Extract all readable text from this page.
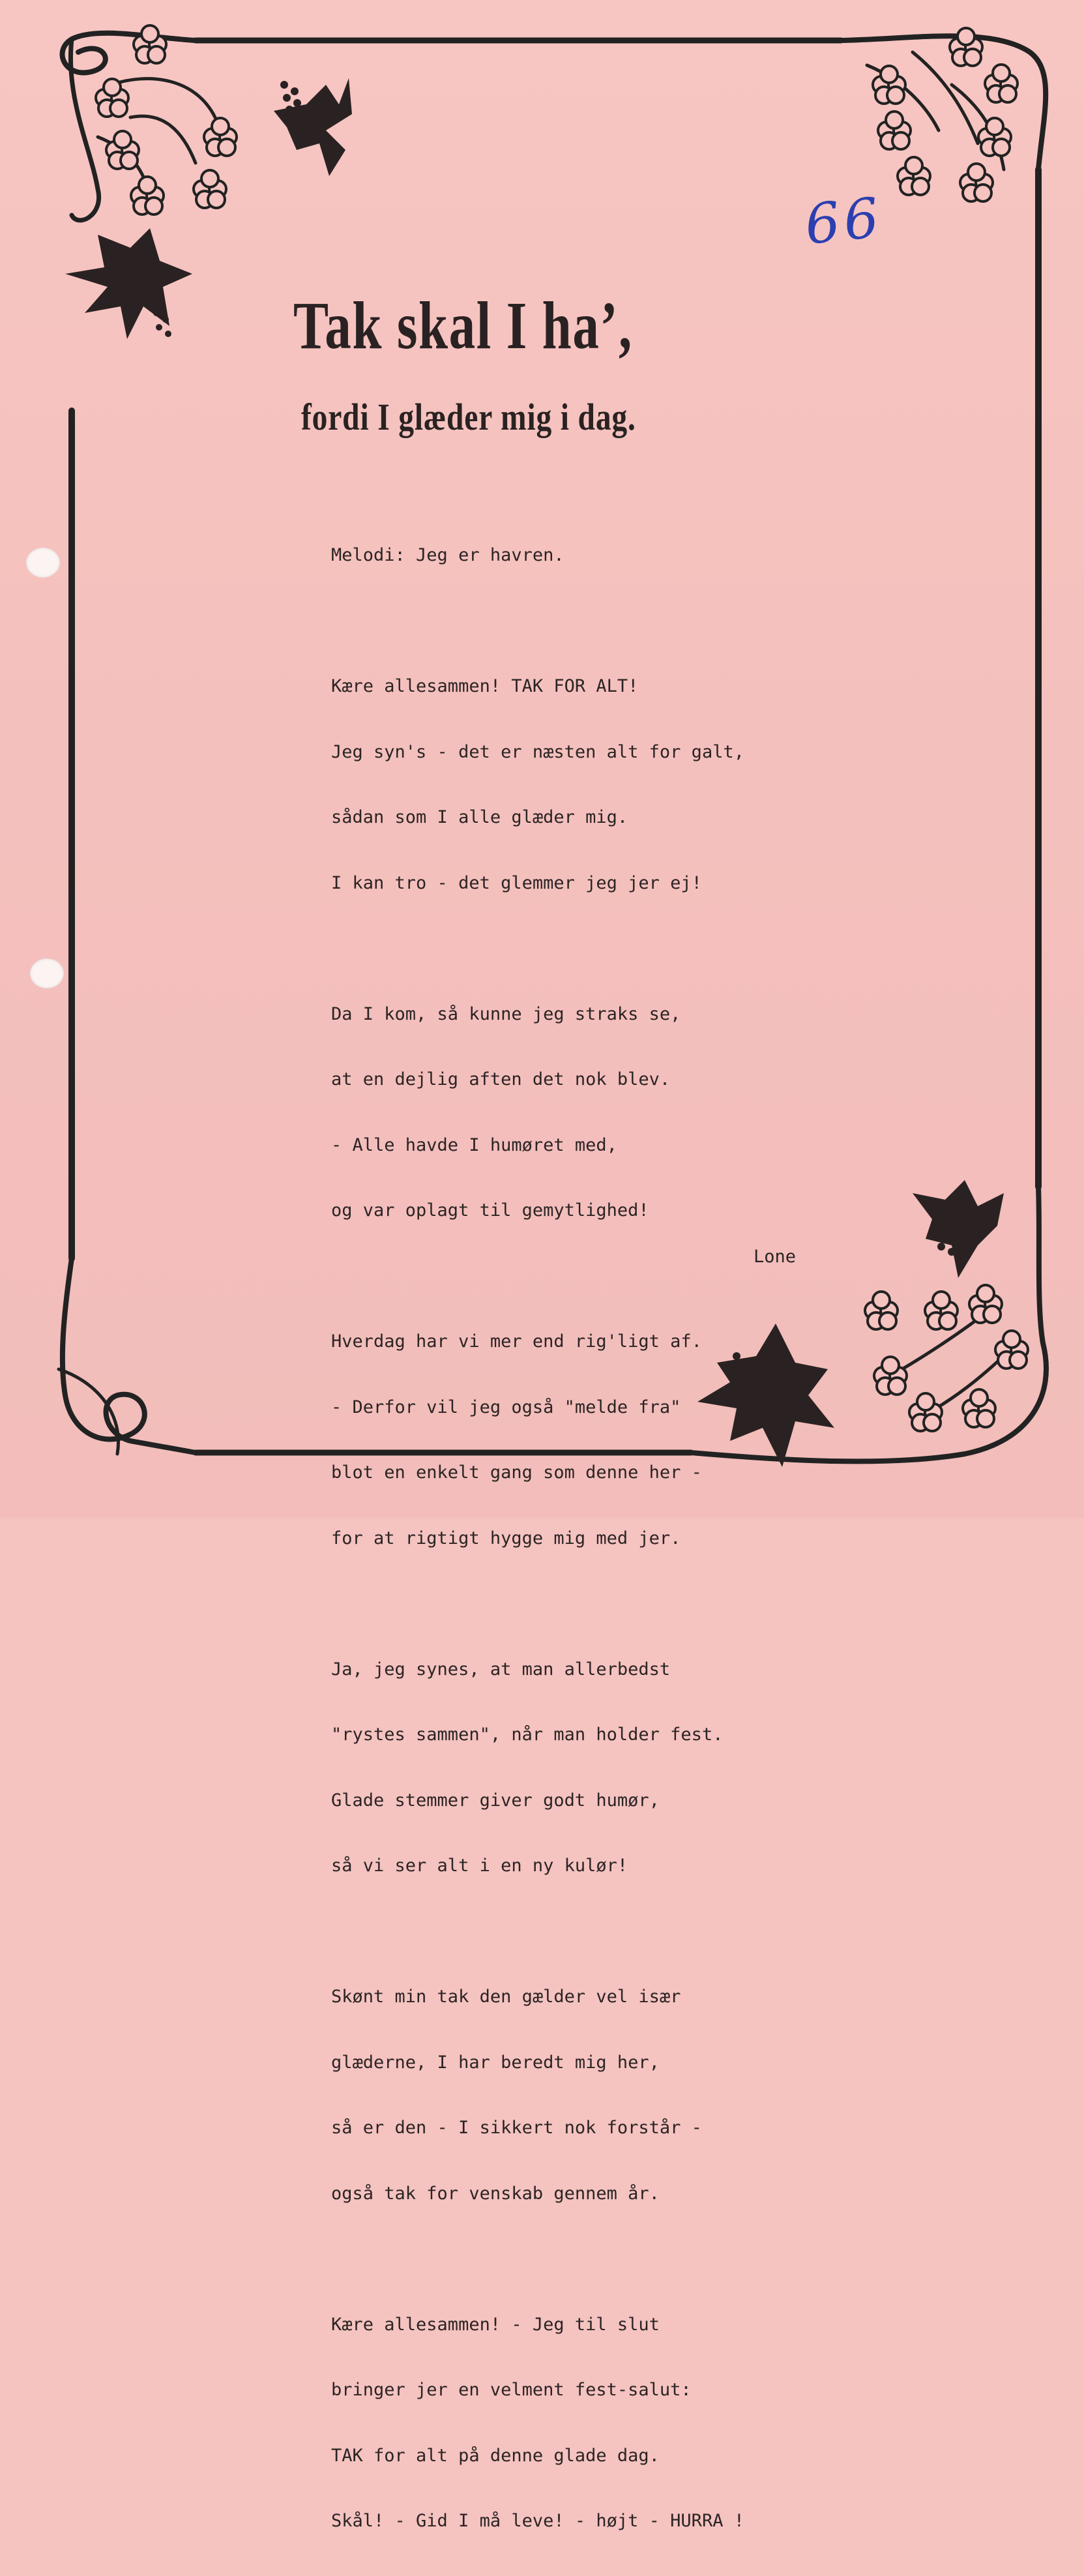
66
Tak skal I ha’,
fordi I glæder mig i dag.

Melodi: Jeg er havren.

Kære allesammen! TAK FOR ALT!

Jeg syn's - det er næsten alt for galt,

sådan som I alle glæder mig.

I kan tro - det glemmer jeg jer ej!

Da I kom, så kunne jeg straks se,

at en dejlig aften det nok blev.

- Alle havde I humøret med,

og var oplagt til gemytlighed!

Hverdag har vi mer end rig'ligt af.

- Derfor vil jeg også "melde fra"

blot en enkelt gang som denne her -

for at rigtigt hygge mig med jer.

Ja, jeg synes, at man allerbedst

"rystes sammen", når man holder fest.

Glade stemmer giver godt humør,

så vi ser alt i en ny kulør!

Skønt min tak den gælder vel især

glæderne, I har beredt mig her,

så er den - I sikkert nok forstår -

også tak for venskab gennem år.

Kære allesammen! - Jeg til slut

bringer jer en velment fest-salut:

TAK for alt på denne glade dag.

Skål! - Gid I må leve! - højt - HURRA !

Lone
